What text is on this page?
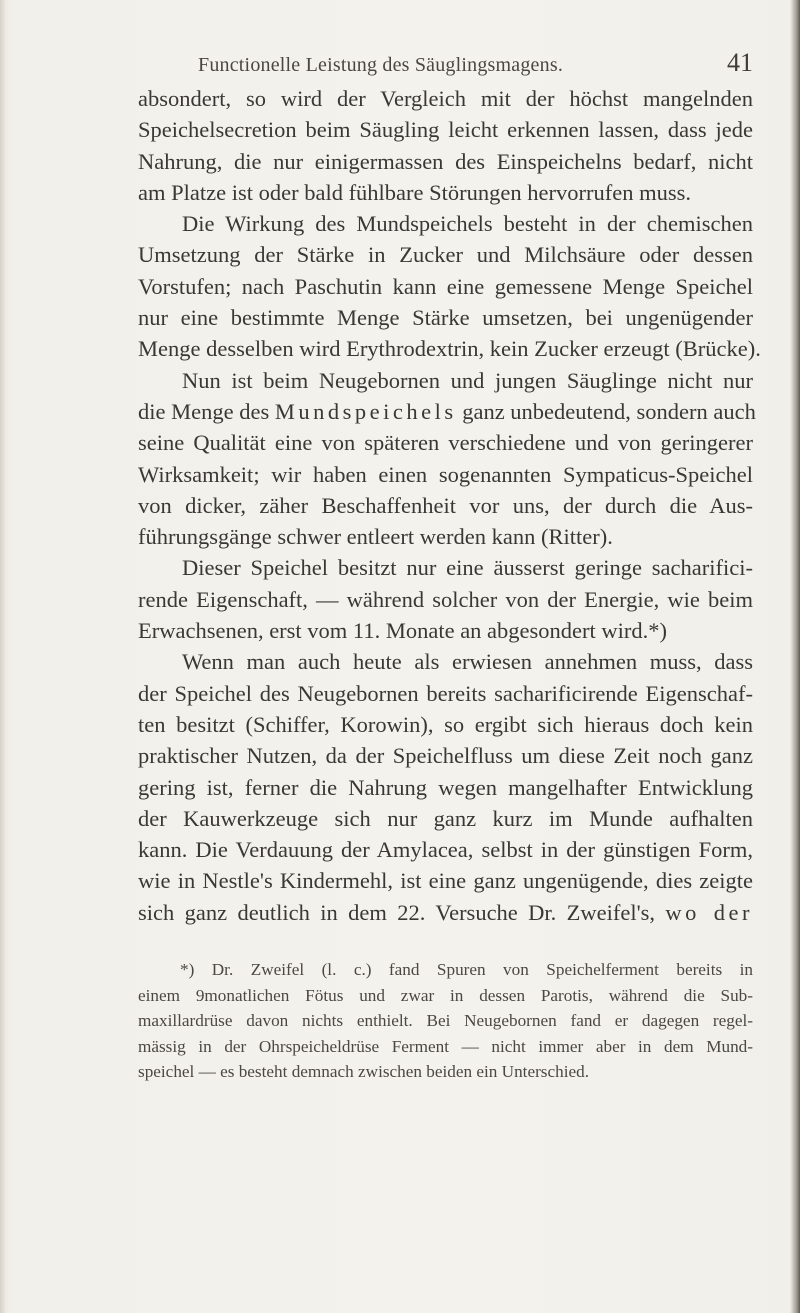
Functionelle Leistung des Säuglingsmagens.	41
absondert, so wird der Vergleich mit der höchst mangelnden
Speichelsecretion beim Säugling leicht erkennen lassen, dass jede
Nahrung, die nur einigermassen des Einspeichelns bedarf, nicht
am Platze ist oder bald fühlbare Störungen hervorrufen muss.
Die Wirkung des Mundspeichels besteht in der chemischen
Umsetzung der Stärke in Zucker und Milchsäure oder dessen
Vorstufen; nach Paschutin kann eine gemessene Menge Speichel
nur eine bestimmte Menge Stärke umsetzen, bei ungenügender
Menge desselben wird Erythrodextrin, kein Zucker erzeugt (Brücke).
Nun ist beim Neugebornen und jungen Säuglinge nicht nur
die Menge des Mundspeichels ganz unbedeutend, sondern auch
seine Qualität eine von späteren verschiedene und von geringerer
Wirksamkeit; wir haben einen sogenannten Sympaticus-Speichel
von dicker, zäher Beschaffenheit vor uns, der durch die Aus-
führungsgänge schwer entleert werden kann (Ritter).
Dieser Speichel besitzt nur eine äusserst geringe sacharifici-
rende Eigenschaft, — während solcher von der Energie, wie beim
Erwachsenen, erst vom 11. Monate an abgesondert wird.*)
Wenn man auch heute als erwiesen annehmen muss, dass
der Speichel des Neugebornen bereits sacharificirende Eigenschaf-
ten besitzt (Schiffer, Korowin), so ergibt sich hieraus doch kein
praktischer Nutzen, da der Speichelfluss um diese Zeit noch ganz
gering ist, ferner die Nahrung wegen mangelhafter Entwicklung
der Kauwerkzeuge sich nur ganz kurz im Munde aufhalten
kann. Die Verdauung der Amylacea, selbst in der günstigen Form,
wie in Nestle's Kindermehl, ist eine ganz ungenügende, dies zeigte
sich ganz deutlich in dem 22. Versuche Dr. Zweifel's, wo der
*) Dr. Zweifel (l. c.) fand Spuren von Speichelferment bereits in
einem 9monatlichen Fötus und zwar in dessen Parotis, während die Sub-
maxillardrüse davon nichts enthielt. Bei Neugebornen fand er dagegen regel-
mässig in der Ohrspeicheldrüse Ferment — nicht immer aber in dem Mund-
speichel — es besteht demnach zwischen beiden ein Unterschied.
